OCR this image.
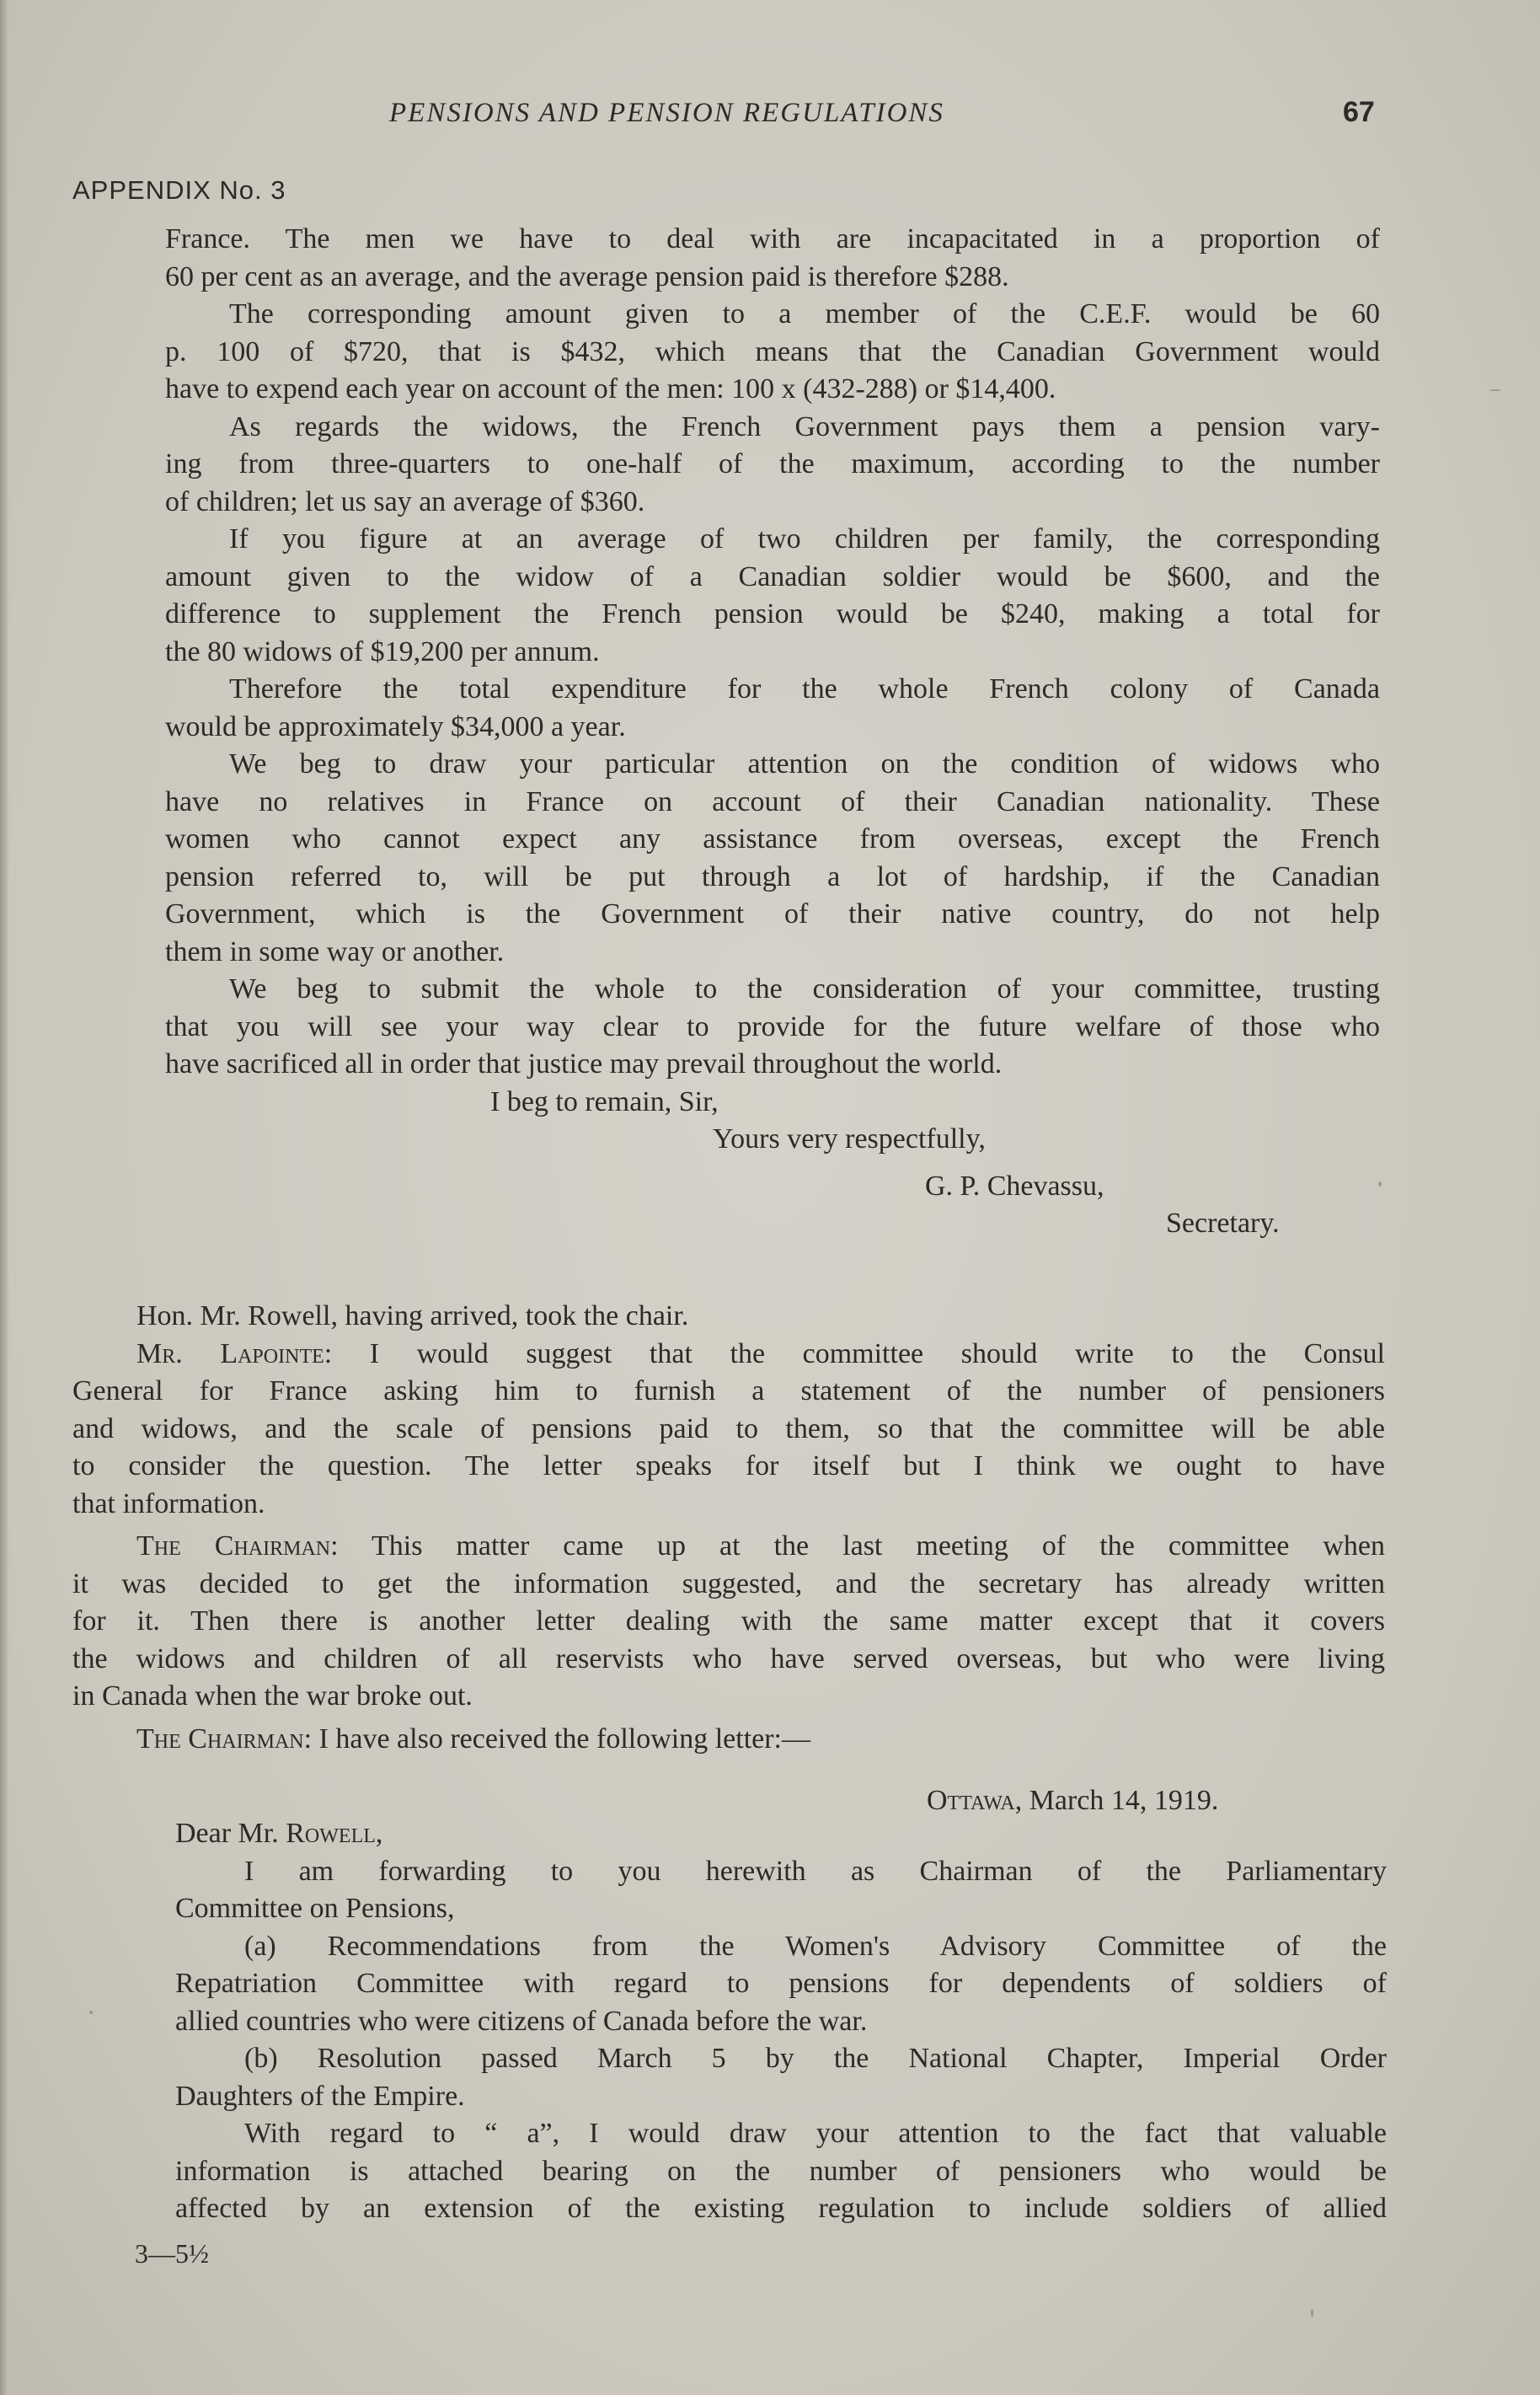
PENSIONS AND PENSION REGULATIONS	67
APPENDIX No. 3
France. The men we have to deal with are incapacitated in a proportion of
60 per cent as an average, and the average pension paid is therefore $288.
The corresponding amount given to a member of the C.E.F. would be 60
p. 100 of $720, that is $432, which means that the Canadian Government would
have to expend each year on account of the men: 100 x (432-288) or $14,400.
As regards the widows, the French Government pays them a pension vary-
ing from three-quarters to one-half of the maximum, according to the number
of children; let us say an average of $360.
If you figure at an average of two children per family, the corresponding
amount given to the widow of a Canadian soldier would be $600, and the
difference to supplement the French pension would be $240, making a total for
the 80 widows of $19,200 per annum.
Therefore the total expenditure for the whole French colony of Canada
would be approximately $34,000 a year.
We beg to draw your particular attention on the condition of widows who
have no relatives in France on account of their Canadian nationality. These
women who cannot expect any assistance from overseas, except the French
pension referred to, will be put through a lot of hardship, if the Canadian
Government, which is the Government of their native country, do not help
them in some way or another.
We beg to submit the whole to the consideration of your committee, trusting
that you will see your way clear to provide for the future welfare of those who
have sacrificed all in order that justice may prevail throughout the world.
I beg to remain, Sir,
Yours very respectfully,
G. P. Chevassu,
Secretary.
Hon. Mr. Rowell, having arrived, took the chair.
Mr. Lapointe: I would suggest that the committee should write to the Consul
General for France asking him to furnish a statement of the number of pensioners
and widows, and the scale of pensions paid to them, so that the committee will be able
to consider the question. The letter speaks for itself but I think we ought to have
that information.
The Chairman: This matter came up at the last meeting of the committee when
it was decided to get the information suggested, and the secretary has already written
for it. Then there is another letter dealing with the same matter except that it covers
the widows and children of all reservists who have served overseas, but who were living
in Canada when the war broke out.
The Chairman: I have also received the following letter:—
Ottawa, March 14, 1919.
Dear Mr. Rowell,
I am forwarding to you herewith as Chairman of the Parliamentary
Committee on Pensions,
(a) Recommendations from the Women's Advisory Committee of the
Repatriation Committee with regard to pensions for dependents of soldiers of
allied countries who were citizens of Canada before the war.
(b) Resolution passed March 5 by the National Chapter, Imperial Order
Daughters of the Empire.
With regard to “ a”, I would draw your attention to the fact that valuable
information is attached bearing on the number of pensioners who would be
affected by an extension of the existing regulation to include soldiers of allied
3—5½
